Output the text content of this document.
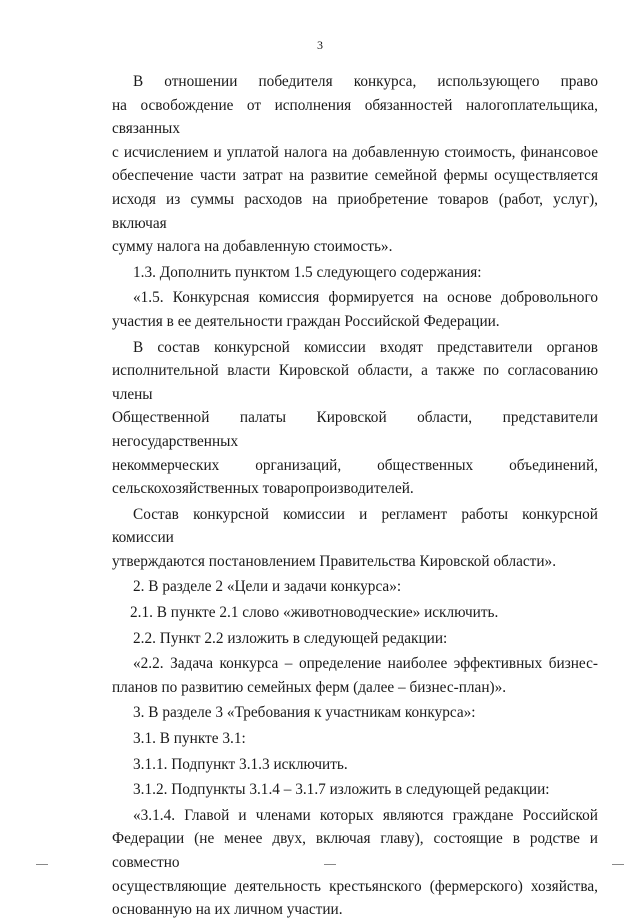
3
В отношении победителя конкурса, использующего право
на освобождение от исполнения обязанностей налогоплательщика, связанных
с исчислением и уплатой налога на добавленную стоимость, финансовое
обеспечение части затрат на развитие семейной фермы осуществляется
исходя из суммы расходов на приобретение товаров (работ, услуг), включая
сумму налога на добавленную стоимость».
1.3. Дополнить пунктом 1.5 следующего содержания:
«1.5. Конкурсная комиссия формируется на основе добровольного
участия в ее деятельности граждан Российской Федерации.
В состав конкурсной комиссии входят представители органов
исполнительной власти Кировской области, а также по согласованию члены
Общественной палаты Кировской области, представители негосударственных
некоммерческих организаций, общественных объединений,
сельскохозяйственных товаропроизводителей.
Состав конкурсной комиссии и регламент работы конкурсной комиссии
утверждаются постановлением Правительства Кировской области».
2. В разделе 2 «Цели и задачи конкурса»:
2.1. В пункте 2.1 слово «животноводческие» исключить.
2.2. Пункт 2.2 изложить в следующей редакции:
«2.2. Задача конкурса – определение наиболее эффективных бизнес-
планов по развитию семейных ферм (далее – бизнес-план)».
3. В разделе 3 «Требования к участникам конкурса»:
3.1. В пункте 3.1:
3.1.1. Подпункт 3.1.3 исключить.
3.1.2. Подпункты 3.1.4 – 3.1.7 изложить в следующей редакции:
«3.1.4. Главой и членами которых являются граждане Российской
Федерации (не менее двух, включая главу), состоящие в родстве и совместно
осуществляющие деятельность крестьянского (фермерского) хозяйства,
основанную на их личном участии.
